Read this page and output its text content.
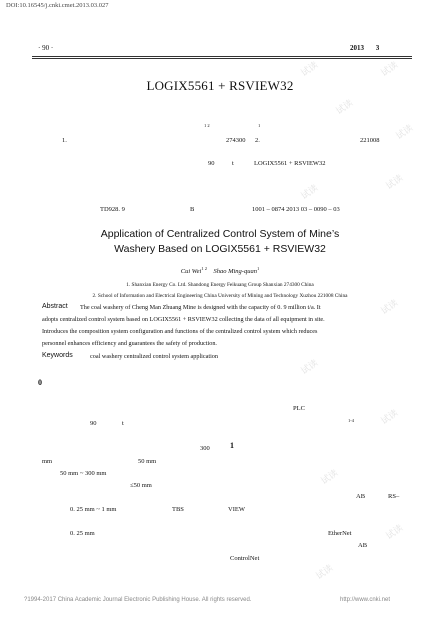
试读	试读
试读
试读
试读
试读
试读
试读
试读
试读
试读
试读
DOI:10.16545/j.cnki.cmet.2013.03.027
· 90 ·	2013 3
LOGIX5561 + RSVIEW32
1 2	1
1.	274300 2.	221008
90	t	LOGIX5561 + RSVIEW32
TD928. 9	B	1001 – 0874 2013 03 – 0090 – 03
Application of Centralized Control System of Mine’s
Washery Based on LOGIX5561 + RSVIEW32
Cui Wei$^{1 2}$ Shao Ming-quan$^1$
1. Shanxian Energy Co. Ltd. Shandong Energy Feikuang Group Shanxian 274300 China
2. School of Information and Electrical Engineering China University of Mining and Technology Xuzhou 221008 China
Abstract The coal washery of Cheng Man Zhuang Mine is designed with the capacity of 0. 9 million t/a. It
adopts centralized control system based on LOGIX5561 + RSVIEW32 collecting the data of all equipment in site.
Introduces the composition system configuration and functions of the centralized control system which reduces
personnel enhances efficiency and guarantees the safety of production.
Keywords	coal washery centralized control system application
0
PLC
1-4
90	t
300	1
mm	50 mm
50 mm ~ 300 mm
≤50 mm
AB	RS–
0. 25 mm ~ 1 mm	TBS	VIEW
0. 25 mm	EtherNet
AB
ControlNet
?1994-2017 China Academic Journal Electronic Publishing House. All rights reserved.	http://www.cnki.net
